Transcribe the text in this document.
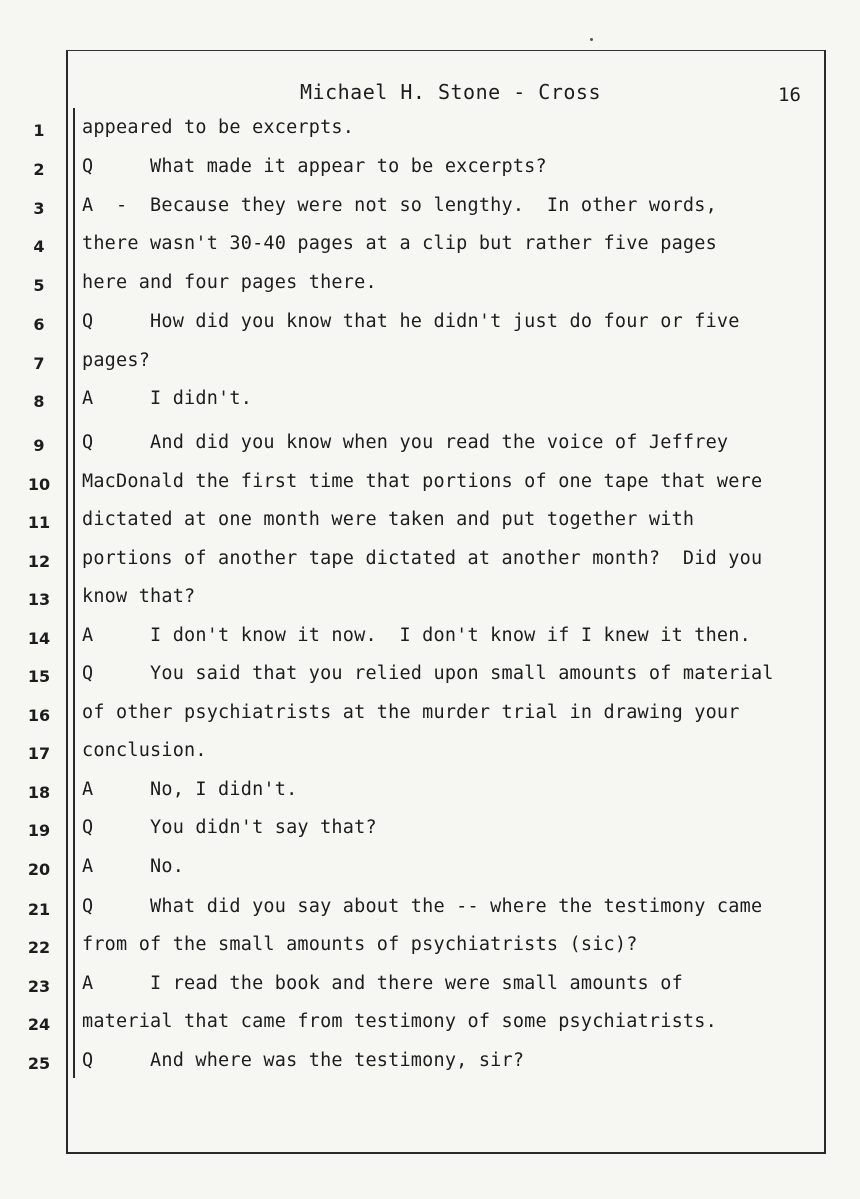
Michael H. Stone - Cross	16
1	appeared to be excerpts.
2	Q     What made it appear to be excerpts?
3	A  -  Because they were not so lengthy.  In other words,
4	there wasn't 30-40 pages at a clip but rather five pages
5	here and four pages there.
6	Q     How did you know that he didn't just do four or five
7	pages?
8	A     I didn't.
9	Q     And did you know when you read the voice of Jeffrey
10	MacDonald the first time that portions of one tape that were
11	dictated at one month were taken and put together with
12	portions of another tape dictated at another month?  Did you
13	know that?
14	A     I don't know it now.  I don't know if I knew it then.
15	Q     You said that you relied upon small amounts of material
16	of other psychiatrists at the murder trial in drawing your
17	conclusion.
18	A     No, I didn't.
19	Q     You didn't say that?
20	A     No.
21	Q     What did you say about the -- where the testimony came
22	from of the small amounts of psychiatrists (sic)?
23	A     I read the book and there were small amounts of
24	material that came from testimony of some psychiatrists.
25	Q     And where was the testimony, sir?
